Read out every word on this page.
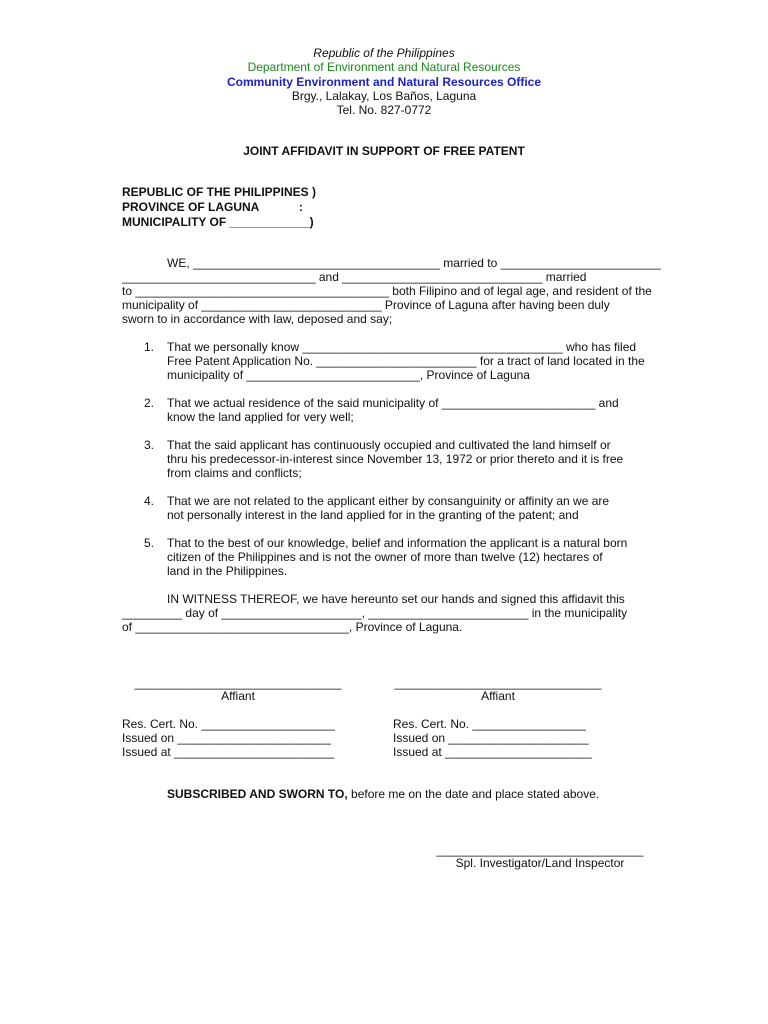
Republic of the Philippines
Department of Environment and Natural Resources
Community Environment and Natural Resources Office
Brgy., Lalakay, Los Baños, Laguna
Tel. No. 827-0772
JOINT AFFIDAVIT IN SUPPORT OF FREE PATENT
REPUBLIC OF THE PHILIPPINES )
PROVINCE OF LAGUNA            :
MUNICIPALITY OF ____________)
WE, _____________________________________ married to ________________________
_____________________________ and ______________________________ married
to ______________________________________ both Filipino and of legal age, and resident of the
municipality of ___________________________ Province of Laguna after having been duly
sworn to in accordance with law, deposed and say;
1. That we personally know _______________________________________ who has filed
Free Patent Application No. ________________________ for a tract of land located in the
municipality of __________________________, Province of Laguna
2. That we actual residence of the said municipality of _______________________ and
know the land applied for very well;
3. That the said applicant has continuously occupied and cultivated the land himself or
thru his predecessor-in-interest since November 13, 1972 or prior thereto and it is free
from claims and conflicts;
4. That we are not related to the applicant either by consanguinity or affinity an we are
not personally interest in the land applied for in the granting of the patent; and
5. That to the best of our knowledge, belief and information the applicant is a natural born
citizen of the Philippines and is not the owner of more than twelve (12) hectares of
land in the Philippines.
IN WITNESS THEREOF, we have hereunto set our hands and signed this affidavit this
_________ day of _____________________, ________________________ in the municipality
of ________________________________, Province of Laguna.
_______________________________
Affiant
Res. Cert. No. ____________________
Issued on _______________________
Issued at ________________________
_______________________________
Affiant
Res. Cert. No. _________________
Issued on _____________________
Issued at ______________________
SUBSCRIBED AND SWORN TO, before me on the date and place stated above.
_______________________________
Spl. Investigator/Land Inspector
